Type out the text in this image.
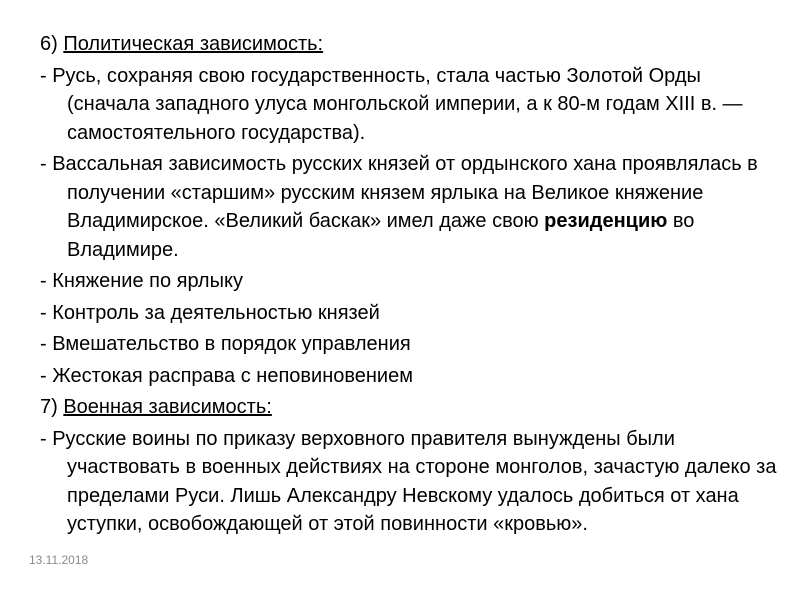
6) Политическая зависимость:

- Русь, сохраняя свою государственность, стала частью Золотой Орды (сначала западного улуса монгольской империи, а к 80-м годам XIII в. — самостоятельного государства).

- Вассальная зависимость русских князей от ордынского хана проявлялась в получении «старшим» русским князем ярлыка на Великое княжение Владимирское. «Великий баскак» имел даже свою резиденцию во Владимире.

- Княжение по ярлыку

- Контроль за деятельностью князей

- Вмешательство в порядок управления

- Жестокая расправа с неповиновением

7) Военная зависимость:

- Русские воины по приказу верховного правителя вынуждены были участвовать в военных действиях на стороне монголов, зачастую далеко за пределами Руси. Лишь Александру Невскому удалось добиться от хана уступки, освобождающей от этой повинности «кровью».

13.11.2018
